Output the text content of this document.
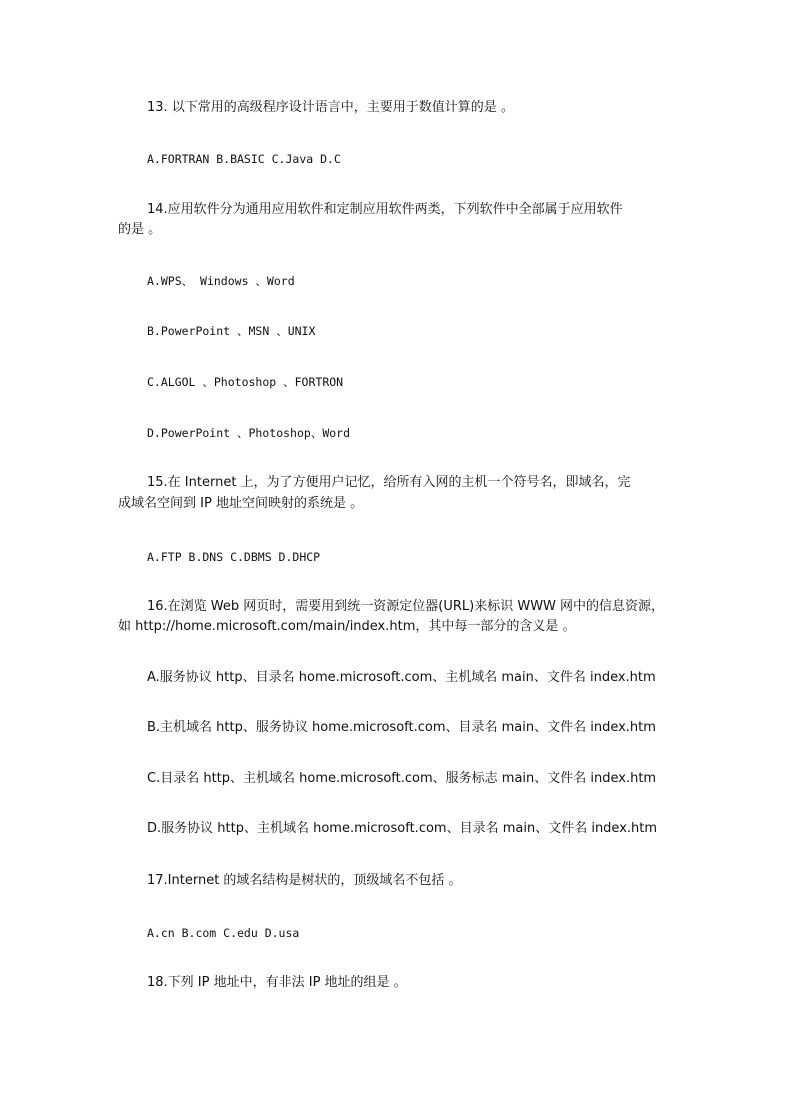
13. 以下常用的高级程序设计语言中，主要用于数值计算的是 。
A.FORTRAN B.BASIC C.Java D.C
14.应用软件分为通用应用软件和定制应用软件两类，下列软件中全部属于应用软件
的是 。
A.WPS、 Windows 、Word
B.PowerPoint 、MSN 、UNIX
C.ALGOL 、Photoshop 、FORTRON
D.PowerPoint 、Photoshop、Word
15.在 Internet 上，为了方便用户记忆，给所有入网的主机一个符号名，即域名，完
成域名空间到 IP 地址空间映射的系统是 。
A.FTP B.DNS C.DBMS D.DHCP
16.在浏览 Web 网页时，需要用到统一资源定位器(URL)来标识 WWW 网中的信息资源，
如 http://home.microsoft.com/main/index.htm，其中每一部分的含义是 。
A.服务协议 http、目录名 home.microsoft.com、主机域名 main、文件名 index.htm
B.主机域名 http、服务协议 home.microsoft.com、目录名 main、文件名 index.htm
C.目录名 http、主机域名 home.microsoft.com、服务标志 main、文件名 index.htm
D.服务协议 http、主机域名 home.microsoft.com、目录名 main、文件名 index.htm
17.Internet 的域名结构是树状的，顶级域名不包括 。
A.cn B.com C.edu D.usa
18.下列 IP 地址中，有非法 IP 地址的组是 。
